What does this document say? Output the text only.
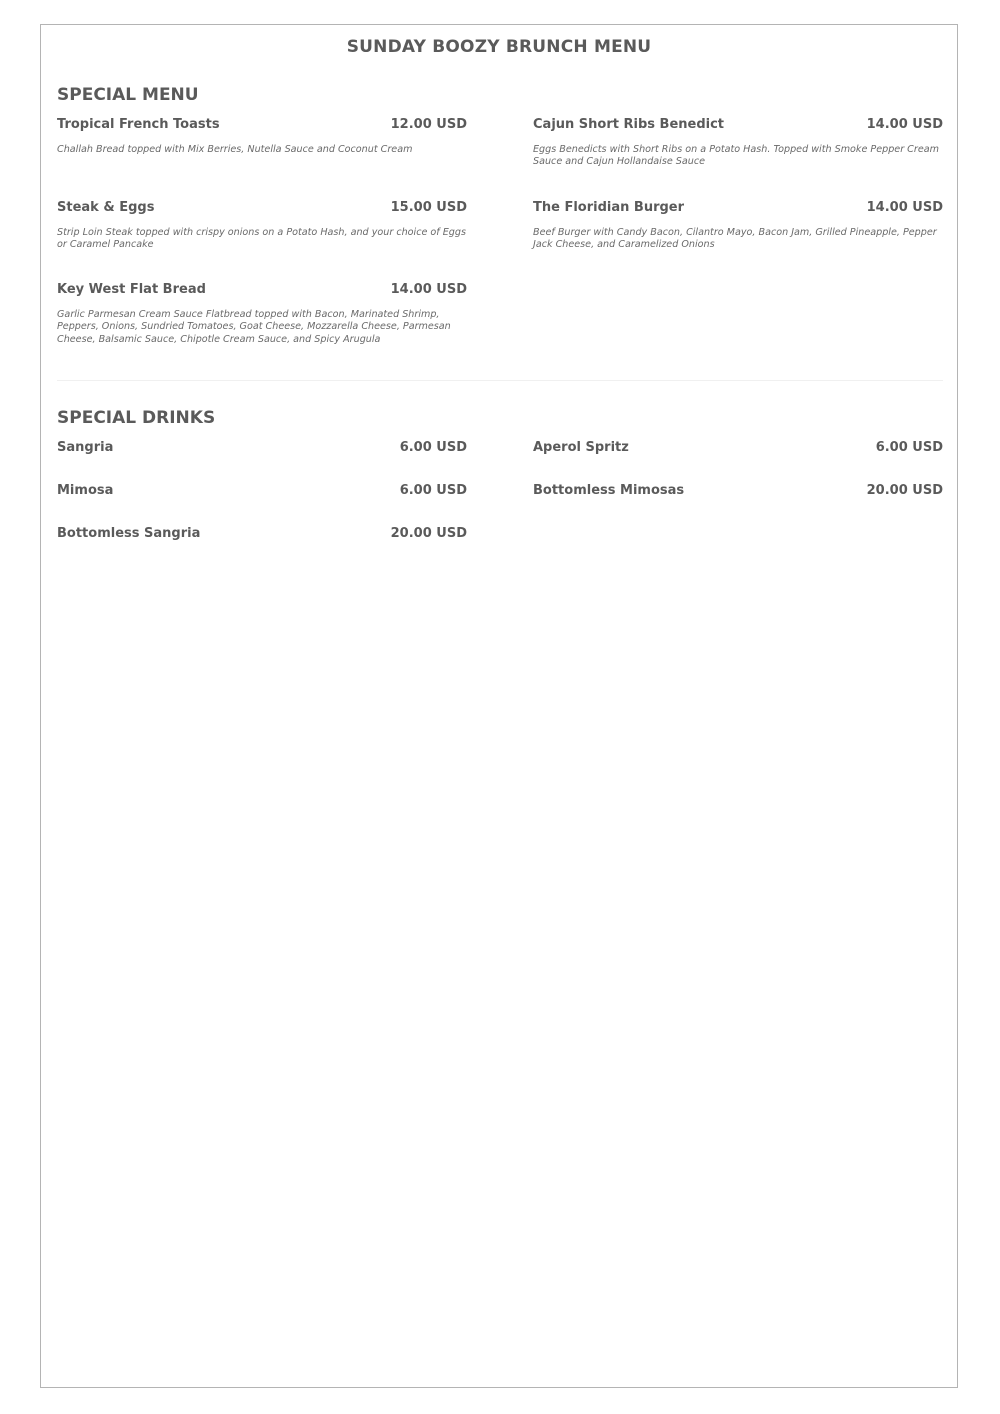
SUNDAY BOOZY BRUNCH MENU
SPECIAL MENU
Tropical French Toasts	12.00 USD
Challah Bread topped with Mix Berries, Nutella Sauce and Coconut Cream
Cajun Short Ribs Benedict	14.00 USD
Eggs Benedicts with Short Ribs on a Potato Hash. Topped with Smoke Pepper Cream Sauce and Cajun Hollandaise Sauce
Steak & Eggs	15.00 USD
Strip Loin Steak topped with crispy onions on a Potato Hash, and your choice of Eggs or Caramel Pancake
The Floridian Burger	14.00 USD
Beef Burger with Candy Bacon, Cilantro Mayo, Bacon Jam, Grilled Pineapple, Pepper Jack Cheese, and Caramelized Onions
Key West Flat Bread	14.00 USD
Garlic Parmesan Cream Sauce Flatbread topped with Bacon, Marinated Shrimp, Peppers, Onions, Sundried Tomatoes, Goat Cheese, Mozzarella Cheese, Parmesan Cheese, Balsamic Sauce, Chipotle Cream Sauce, and Spicy Arugula
SPECIAL DRINKS
Sangria	6.00 USD	Aperol Spritz	6.00 USD
Mimosa	6.00 USD	Bottomless Mimosas	20.00 USD
Bottomless Sangria	20.00 USD
